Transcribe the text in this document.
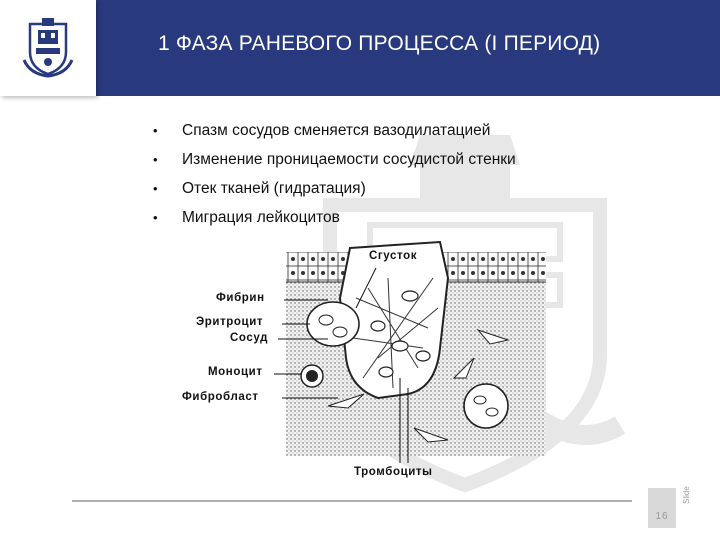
1 ФАЗА РАНЕВОГО ПРОЦЕССА (I ПЕРИОД)
• Спазм сосудов сменяется вазодилатацией
• Изменение проницаемости сосудистой стенки
• Отек тканей (гидратация)
• Миграция лейкоцитов
Сгусток
Фибрин
Эритроцит
Сосуд
Моноцит
Фибробласт
Тромбоциты
16
Slide
